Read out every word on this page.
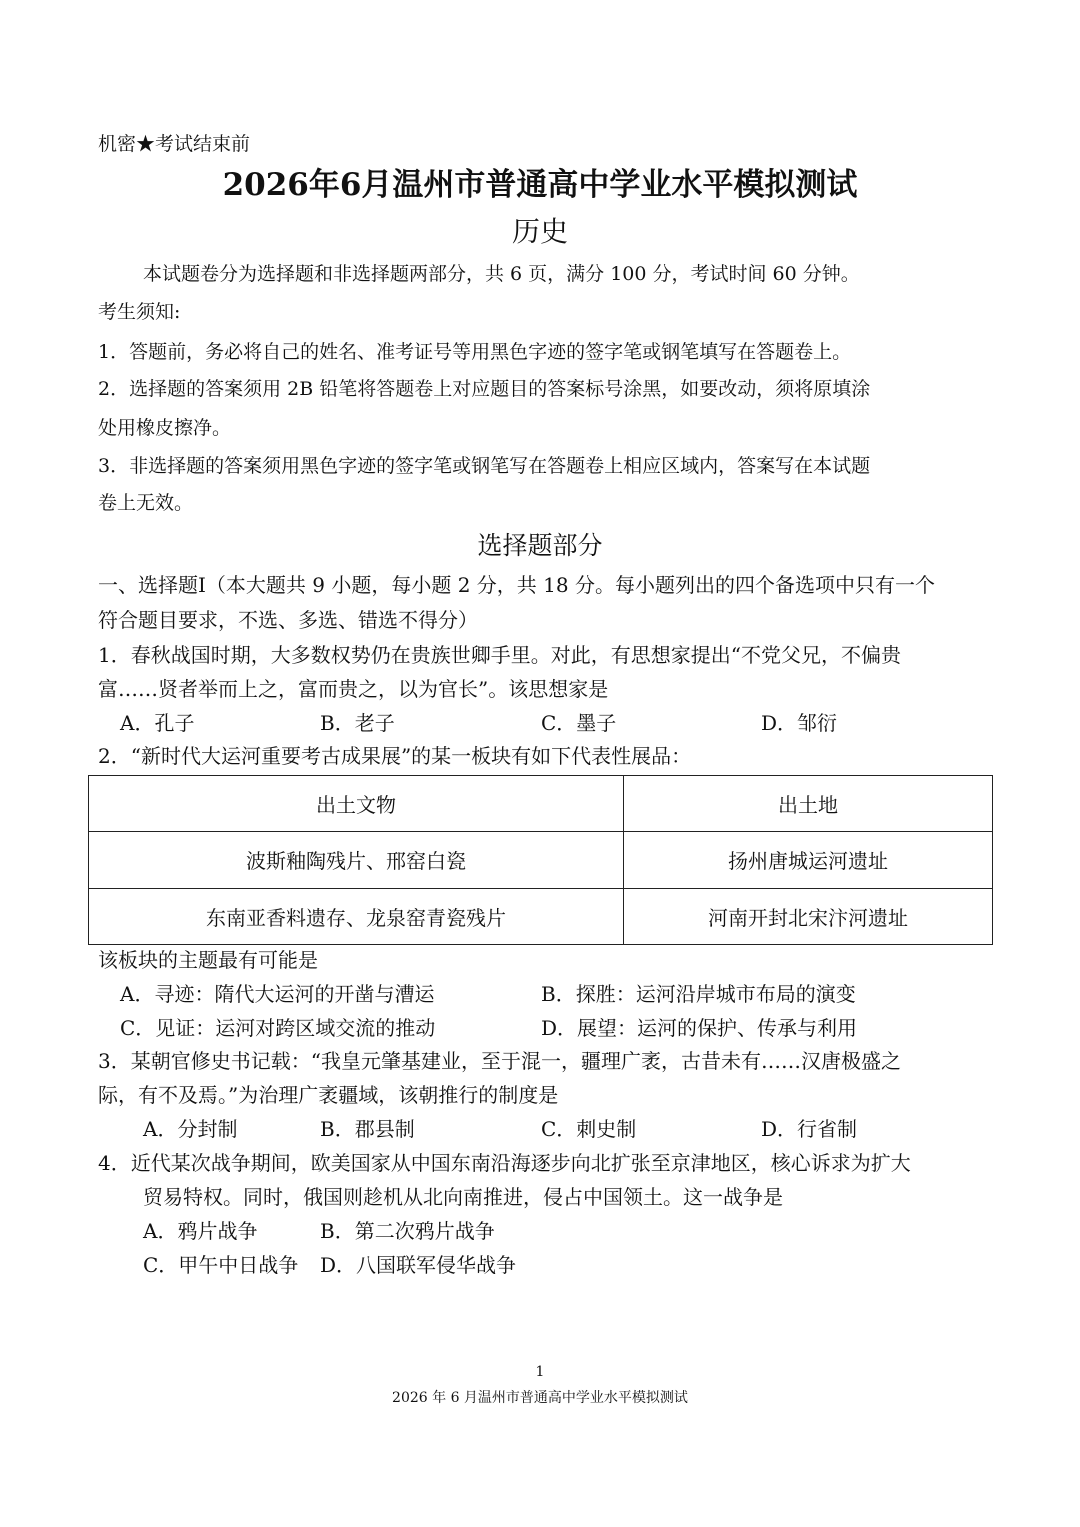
机密★考试结束前
2026年6月温州市普通高中学业水平模拟测试
历史
本试题卷分为选择题和非选择题两部分，共 6 页，满分 100 分，考试时间 60 分钟。
考生须知:
1．答题前，务必将自己的姓名、准考证号等用黑色字迹的签字笔或钢笔填写在答题卷上。
2．选择题的答案须用 2B 铅笔将答题卷上对应题目的答案标号涂黑，如要改动，须将原填涂
处用橡皮擦净。
3．非选择题的答案须用黑色字迹的签字笔或钢笔写在答题卷上相应区域内，答案写在本试题
卷上无效。
选择题部分
一、选择题Ⅰ（本大题共 9 小题，每小题 2 分，共 18 分。每小题列出的四个备选项中只有一个
符合题目要求，不选、多选、错选不得分）
1．春秋战国时期，大多数权势仍在贵族世卿手里。对此，有思想家提出“不党父兄，不偏贵
富……贤者举而上之，富而贵之，以为官长”。该思想家是
A．孔子	B．老子	C．墨子	D．邹衍
2．“新时代大运河重要考古成果展”的某一板块有如下代表性展品：
出土文物	出土地
波斯釉陶残片、邢窑白瓷	扬州唐城运河遗址
东南亚香料遗存、龙泉窑青瓷残片	河南开封北宋汴河遗址
该板块的主题最有可能是
A．寻迹：隋代大运河的开凿与漕运	B．探胜：运河沿岸城市布局的演变
C．见证：运河对跨区域交流的推动	D．展望：运河的保护、传承与利用
3．某朝官修史书记载：“我皇元肇基建业，至于混一，疆理广袤，古昔未有……汉唐极盛之
际，有不及焉。”为治理广袤疆域，该朝推行的制度是
A．分封制	B．郡县制	C．刺史制	D．行省制
4．近代某次战争期间，欧美国家从中国东南沿海逐步向北扩张至京津地区，核心诉求为扩大
贸易特权。同时，俄国则趁机从北向南推进，侵占中国领土。这一战争是
A．鸦片战争	B．第二次鸦片战争
C．甲午中日战争 D．八国联军侵华战争
1
2026 年 6 月温州市普通高中学业水平模拟测试
